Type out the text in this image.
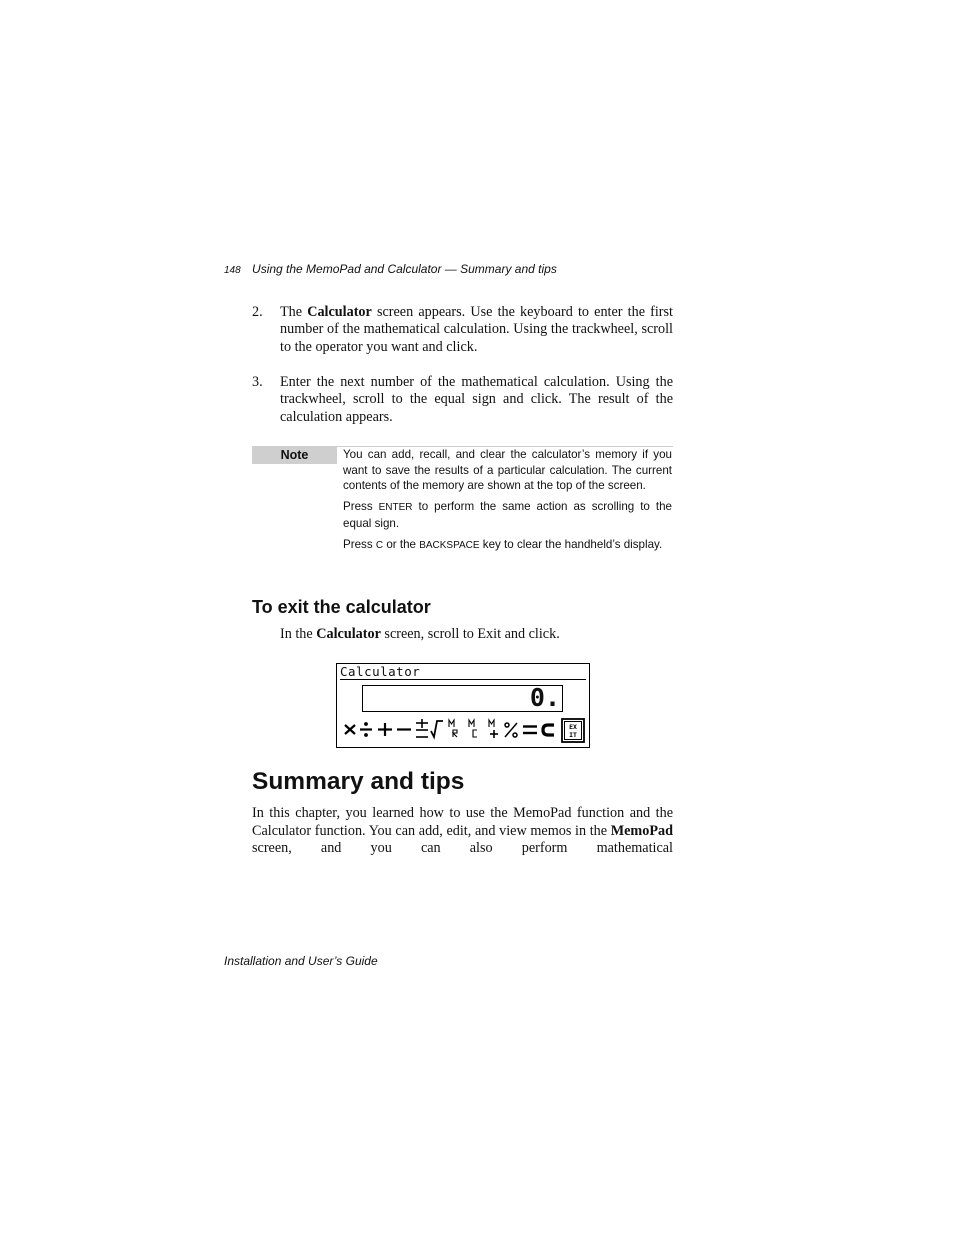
148 Using the MemoPad and Calculator — Summary and tips
2. The Calculator screen appears. Use the keyboard to enter the first number of the mathematical calculation. Using the trackwheel, scroll to the operator you want and click.
3. Enter the next number of the mathematical calculation. Using the trackwheel, scroll to the equal sign and click. The result of the calculation appears.
Note	You can add, recall, and clear the calculator’s memory if you want to save the results of a particular calculation. The current contents of the memory are shown at the top of the screen.

Press ENTER to perform the same action as scrolling to the equal sign.

Press C or the BACKSPACE key to clear the handheld’s display.

To exit the calculator
In the Calculator screen, scroll to Exit and click.
Calculator
0.
EX
IT
Summary and tips
In this chapter, you learned how to use the MemoPad function and the Calculator function. You can add, edit, and view memos in the MemoPad screen, and you can also perform mathematical
Installation and User’s Guide
